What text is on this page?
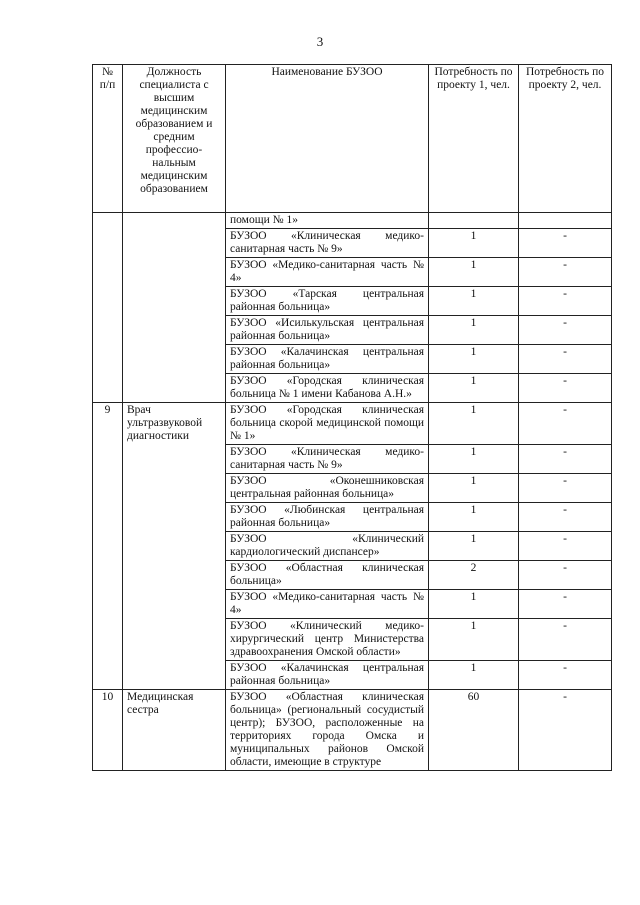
3
№ п/п	Должность специалиста с высшим медицинским образованием и средним профессио-нальным медицинским образованием	Наименование БУЗОО	Потребность по проекту 1, чел.	Потребность по проекту 2, чел.
		помощи № 1»		
		БУЗОО «Клиническая медико-санитарная часть № 9»	1	-
		БУЗОО «Медико-санитарная часть № 4»	1	-
		БУЗОО «Тарская центральная районная больница»	1	-
		БУЗОО «Исилькульская центральная районная больница»	1	-
		БУЗОО «Калачинская центральная районная больница»	1	-
		БУЗОО «Городская клиническая больница № 1 имени Кабанова А.Н.»	1	-
9	Врач ультразвуковой диагностики	БУЗОО «Городская клиническая больница скорой медицинской помощи № 1»	1	-
		БУЗОО «Клиническая медико-санитарная часть № 9»	1	-
		БУЗОО «Оконешниковская центральная районная больница»	1	-
		БУЗОО «Любинская центральная районная больница»	1	-
		БУЗОО «Клинический кардиологический диспансер»	1	-
		БУЗОО «Областная клиническая больница»	2	-
		БУЗОО «Медико-санитарная часть № 4»	1	-
		БУЗОО «Клинический медико-хирургический центр Министерства здравоохранения Омской области»	1	-
		БУЗОО «Калачинская центральная районная больница»	1	-
10	Медицинская сестра	БУЗОО «Областная клиническая больница» (региональный сосудистый центр); БУЗОО, расположенные на территориях города Омска и муниципальных районов Омской области, имеющие в структуре	60	-
